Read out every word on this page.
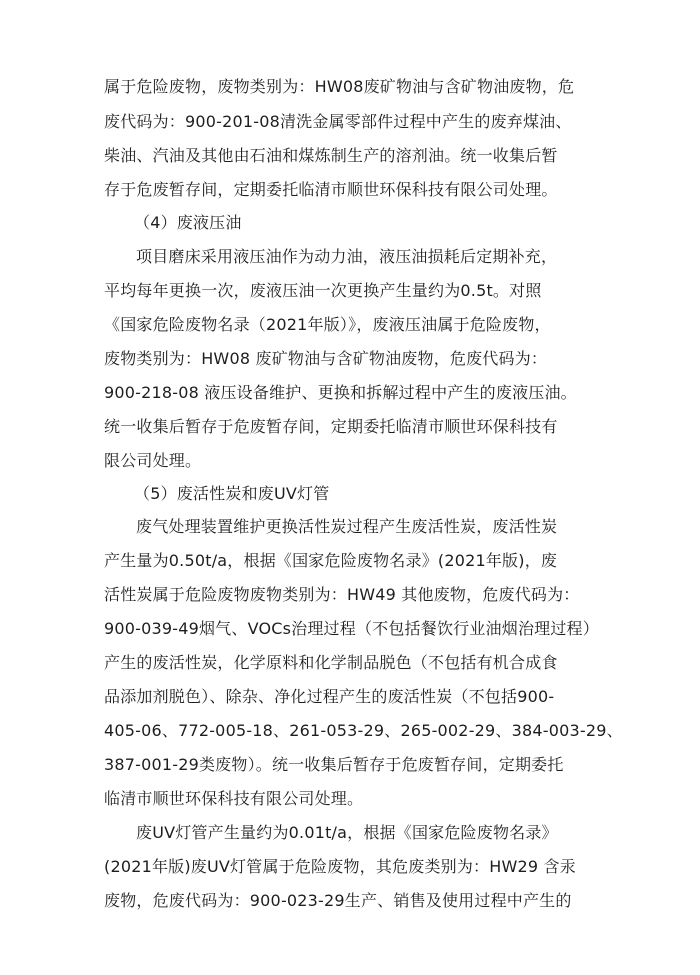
属于危险废物，废物类别为：HW08废矿物油与含矿物油废物，危
废代码为：900-201-08清洗金属零部件过程中产生的废弃煤油、
柴油、汽油及其他由石油和煤炼制生产的溶剂油。统一收集后暂
存于危废暂存间，定期委托临清市顺世环保科技有限公司处理。
（4）废液压油
项目磨床采用液压油作为动力油，液压油损耗后定期补充，
平均每年更换一次，废液压油一次更换产生量约为0.5t。对照
《国家危险废物名录（2021年版）》，废液压油属于危险废物，
废物类别为：HW08 废矿物油与含矿物油废物，危废代码为：
900-218-08 液压设备维护、更换和拆解过程中产生的废液压油。
统一收集后暂存于危废暂存间，定期委托临清市顺世环保科技有
限公司处理。
（5）废活性炭和废UV灯管
废气处理装置维护更换活性炭过程产生废活性炭，废活性炭
产生量为0.50t/a，根据《国家危险废物名录》(2021年版)，废
活性炭属于危险废物废物类别为：HW49 其他废物，危废代码为：
900-039-49烟气、VOCs治理过程（不包括餐饮行业油烟治理过程）
产生的废活性炭，化学原料和化学制品脱色（不包括有机合成食
品添加剂脱色）、除杂、净化过程产生的废活性炭（不包括900-
405-06、772-005-18、261-053-29、265-002-29、384-003-29、
387-001-29类废物）。统一收集后暂存于危废暂存间，定期委托
临清市顺世环保科技有限公司处理。
废UV灯管产生量约为0.01t/a，根据《国家危险废物名录》
(2021年版)废UV灯管属于危险废物，其危废类别为：HW29 含汞
废物，危废代码为：900-023-29生产、销售及使用过程中产生的
